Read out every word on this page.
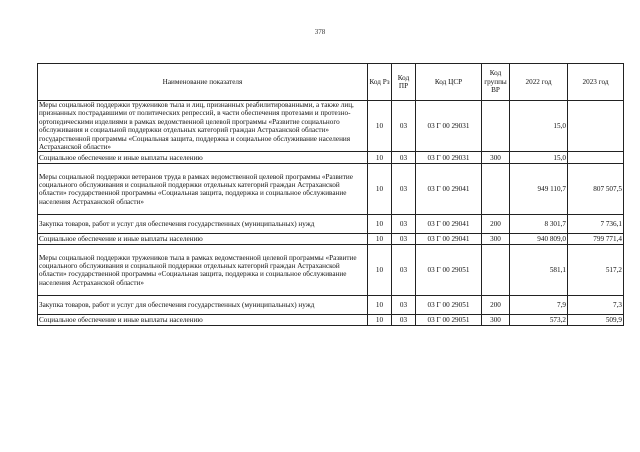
378
Наименование показателя	Код Рз	Код ПР	Код ЦСР	Код группы ВР	2022 год	2023 год
Меры социальной поддержки тружеников тыла и лиц, признанных реабилитированными, а также лиц, признанных пострадавшими от политических репрессий, в части обеспечения протезами и протезно-ортопедическими изделиями в рамках ведомственной целевой программы «Развитие социального обслуживания и социальной поддержки отдельных категорий граждан Астраханской области» государственной программы «Социальная защита, поддержка и социальное обслуживание населения Астраханской области»	10	03	03 Г 00 29031		15,0	
Социальное обеспечение и иные выплаты населению	10	03	03 Г 00 29031	300	15,0	
Меры социальной поддержки ветеранов труда в рамках ведомственной целевой программы «Развитие социального обслуживания и социальной поддержки отдельных категорий граждан Астраханской области» государственной программы «Социальная защита, поддержка и социальное обслуживание населения Астраханской области»	10	03	03 Г 00 29041		949 110,7	807 507,5
Закупка товаров, работ и услуг для обеспечения государственных (муниципальных) нужд	10	03	03 Г 00 29041	200	8 301,7	7 736,1
Социальное обеспечение и иные выплаты населению	10	03	03 Г 00 29041	300	940 809,0	799 771,4
Меры социальной поддержки тружеников тыла в рамках ведомственной целевой программы «Развитие социального обслуживания и социальной поддержки отдельных категорий граждан Астраханской области» государственной программы «Социальная защита, поддержка и социальное обслуживание населения Астраханской области»	10	03	03 Г 00 29051		581,1	517,2
Закупка товаров, работ и услуг для обеспечения государственных (муниципальных) нужд	10	03	03 Г 00 29051	200	7,9	7,3
Социальное обеспечение и иные выплаты населению	10	03	03 Г 00 29051	300	573,2	509,9
